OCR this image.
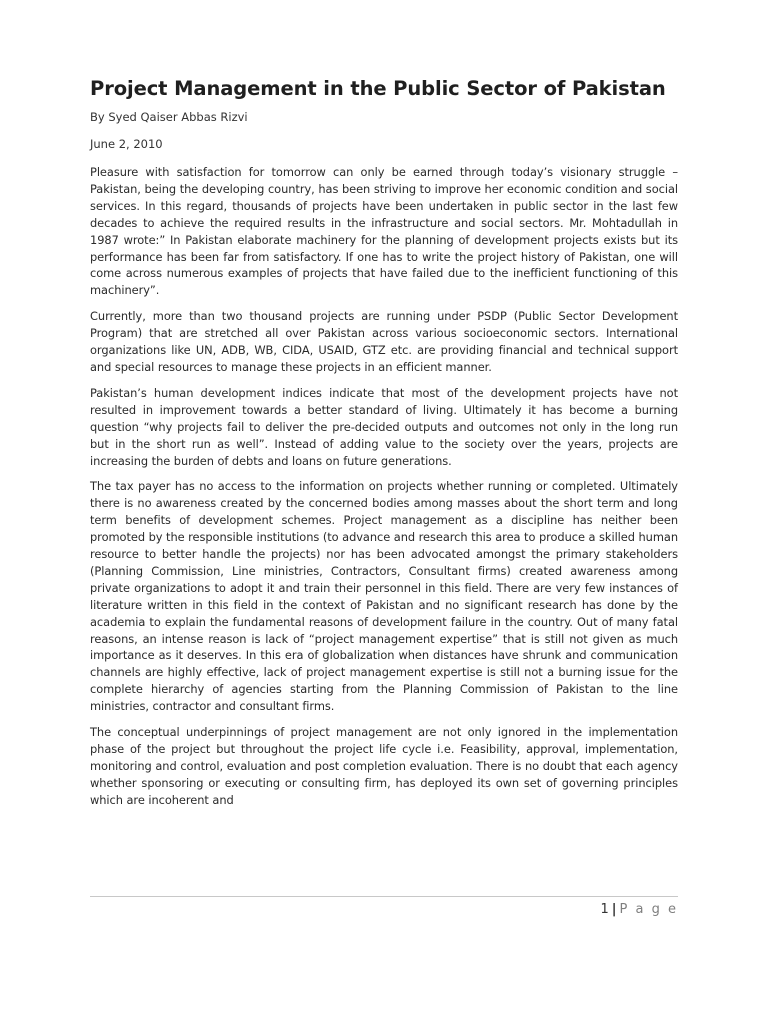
Project Management in the Public Sector of Pakistan

By Syed Qaiser Abbas Rizvi

June 2, 2010

Pleasure with satisfaction for tomorrow can only be earned through today’s visionary struggle – Pakistan, being the developing country, has been striving to improve her economic condition and social services. In this regard, thousands of projects have been undertaken in public sector in the last few decades to achieve the required results in the infrastructure and social sectors. Mr. Mohtadullah in 1987 wrote:” In Pakistan elaborate machinery for the planning of development projects exists but its performance has been far from satisfactory. If one has to write the project history of Pakistan, one will come across numerous examples of projects that have failed due to the inefficient functioning of this machinery”.

Currently, more than two thousand projects are running under PSDP (Public Sector Development Program) that are stretched all over Pakistan across various socioeconomic sectors. International organizations like UN, ADB, WB, CIDA, USAID, GTZ etc. are providing financial and technical support and special resources to manage these projects in an efficient manner.

Pakistan’s human development indices indicate that most of the development projects have not resulted in improvement towards a better standard of living. Ultimately it has become a burning question “why projects fail to deliver the pre-decided outputs and outcomes not only in the long run but in the short run as well”. Instead of adding value to the society over the years, projects are increasing the burden of debts and loans on future generations.

The tax payer has no access to the information on projects whether running or completed. Ultimately there is no awareness created by the concerned bodies among masses about the short term and long term benefits of development schemes. Project management as a discipline has neither been promoted by the responsible institutions (to advance and research this area to produce a skilled human resource to better handle the projects) nor has been advocated amongst the primary stakeholders (Planning Commission, Line ministries, Contractors, Consultant firms) created awareness among private organizations to adopt it and train their personnel in this field. There are very few instances of literature written in this field in the context of Pakistan and no significant research has done by the academia to explain the fundamental reasons of development failure in the country. Out of many fatal reasons, an intense reason is lack of “project management expertise” that is still not given as much importance as it deserves. In this era of globalization when distances have shrunk and communication channels are highly effective, lack of project management expertise is still not a burning issue for the complete hierarchy of agencies starting from the Planning Commission of Pakistan to the line ministries, contractor and consultant firms.

The conceptual underpinnings of project management are not only ignored in the implementation phase of the project but throughout the project life cycle i.e. Feasibility, approval, implementation, monitoring and control, evaluation and post completion evaluation. There is no doubt that each agency whether sponsoring or executing or consulting firm, has deployed its own set of governing principles which are incoherent and

1 | P a g e
